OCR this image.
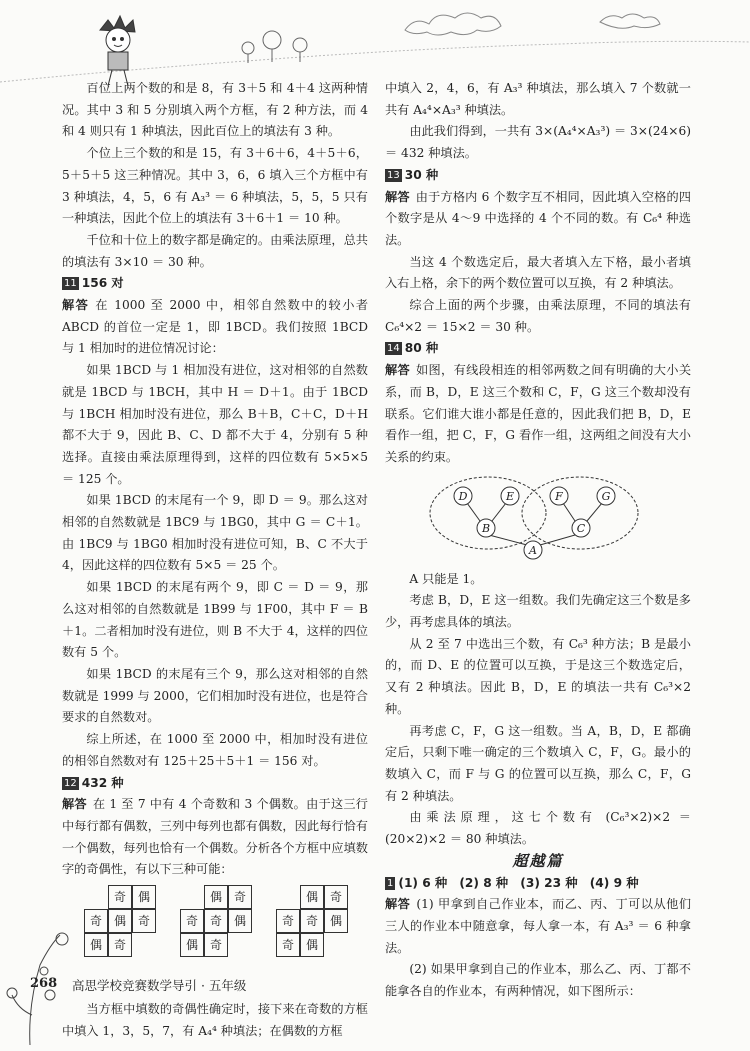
百位上两个数的和是 8，有 3＋5 和 4＋4 这两种情况。其中 3 和 5 分别填入两个方框，有 2 种方法，而 4 和 4 则只有 1 种填法，因此百位上的填法有 3 种。

个位上三个数的和是 15，有 3＋6＋6，4＋5＋6，5＋5＋5 这三种情况。其中 3，6，6 填入三个方框中有 3 种填法，4，5，6 有 A₃³ ＝ 6 种填法，5，5，5 只有一种填法，因此个位上的填法有 3＋6＋1 ＝ 10 种。

千位和十位上的数字都是确定的。由乘法原理，总共的填法有 3×10 ＝ 30 种。

11 156 对

解答 在 1000 至 2000 中，相邻自然数中的较小者 ABCD 的首位一定是 1，即 1BCD。我们按照 1BCD 与 1 相加时的进位情况讨论：

如果 1BCD 与 1 相加没有进位，这对相邻的自然数就是 1BCD 与 1BCH，其中 H ＝ D＋1。由于 1BCD 与 1BCH 相加时没有进位，那么 B＋B，C＋C，D＋H 都不大于 9，因此 B、C、D 都不大于 4，分别有 5 种选择。直接由乘法原理得到，这样的四位数有 5×5×5 ＝ 125 个。

如果 1BCD 的末尾有一个 9，即 D ＝ 9。那么这对相邻的自然数就是 1BC9 与 1BG0，其中 G ＝ C＋1。由 1BC9 与 1BG0 相加时没有进位可知，B、C 不大于 4，因此这样的四位数有 5×5 ＝ 25 个。

如果 1BCD 的末尾有两个 9，即 C ＝ D ＝ 9，那么这对相邻的自然数就是 1B99 与 1F00，其中 F ＝ B＋1。二者相加时没有进位，则 B 不大于 4，这样的四位数有 5 个。

如果 1BCD 的末尾有三个 9，那么这对相邻的自然数就是 1999 与 2000，它们相加时没有进位，也是符合要求的自然数对。

综上所述，在 1000 至 2000 中，相加时没有进位的相邻自然数对有 125＋25＋5＋1 ＝ 156 对。

12 432 种

解答 在 1 至 7 中有 4 个奇数和 3 个偶数。由于这三行中每行都有偶数，三列中每列也都有偶数，因此每行恰有一个偶数，每列也恰有一个偶数。分析各个方框中应填数字的奇偶性，有以下三种可能：

奇 偶
奇 偶 奇
偶 奇
偶 奇
奇 奇 偶
偶 奇
偶 奇
奇 奇 偶
奇 偶

当方框中填数的奇偶性确定时，接下来在奇数的方框中填入 1，3，5，7，有 A₄⁴ 种填法；在偶数的方框

中填入 2，4，6，有 A₃³ 种填法，那么填入 7 个数就一共有 A₄⁴×A₃³ 种填法。

由此我们得到，一共有 3×(A₄⁴×A₃³) ＝ 3×(24×6) ＝ 432 种填法。

13 30 种

解答 由于方格内 6 个数字互不相同，因此填入空格的四个数字是从 4～9 中选择的 4 个不同的数。有 C₆⁴ 种选法。

当这 4 个数选定后，最大者填入左下格，最小者填入右上格，余下的两个数位置可以互换，有 2 种填法。

综合上面的两个步骤，由乘法原理，不同的填法有 C₆⁴×2 ＝ 15×2 ＝ 30 种。

14 80 种

解答 如图，有线段相连的相邻两数之间有明确的大小关系，而 B，D，E 这三个数和 C，F，G 这三个数却没有联系。它们谁大谁小都是任意的，因此我们把 B，D，E 看作一组，把 C，F，G 看作一组，这两组之间没有大小关系的约束。

D	E
B
F	G
C
A

A 只能是 1。

考虑 B，D，E 这一组数。我们先确定这三个数是多少，再考虑具体的填法。

从 2 至 7 中选出三个数，有 C₆³ 种方法；B 是最小的，而 D、E 的位置可以互换，于是这三个数选定后，又有 2 种填法。因此 B，D，E 的填法一共有 C₆³×2 种。

再考虑 C，F，G 这一组数。当 A，B，D，E 都确定后，只剩下唯一确定的三个数填入 C，F，G。最小的数填入 C，而 F 与 G 的位置可以互换，那么 C，F，G 有 2 种填法。

由乘法原理，这七个数有 (C₆³×2)×2 ＝ (20×2)×2 ＝ 80 种填法。

超越篇

1 (1) 6 种　(2) 8 种　(3) 23 种　(4) 9 种

解答 (1) 甲拿到自己作业本，而乙、丙、丁可以从他们三人的作业本中随意拿，每人拿一本，有 A₃³ ＝ 6 种拿法。

(2) 如果甲拿到自己的作业本，那么乙、丙、丁都不能拿各自的作业本，有两种情况，如下图所示：

268 高思学校竞赛数学导引 · 五年级
